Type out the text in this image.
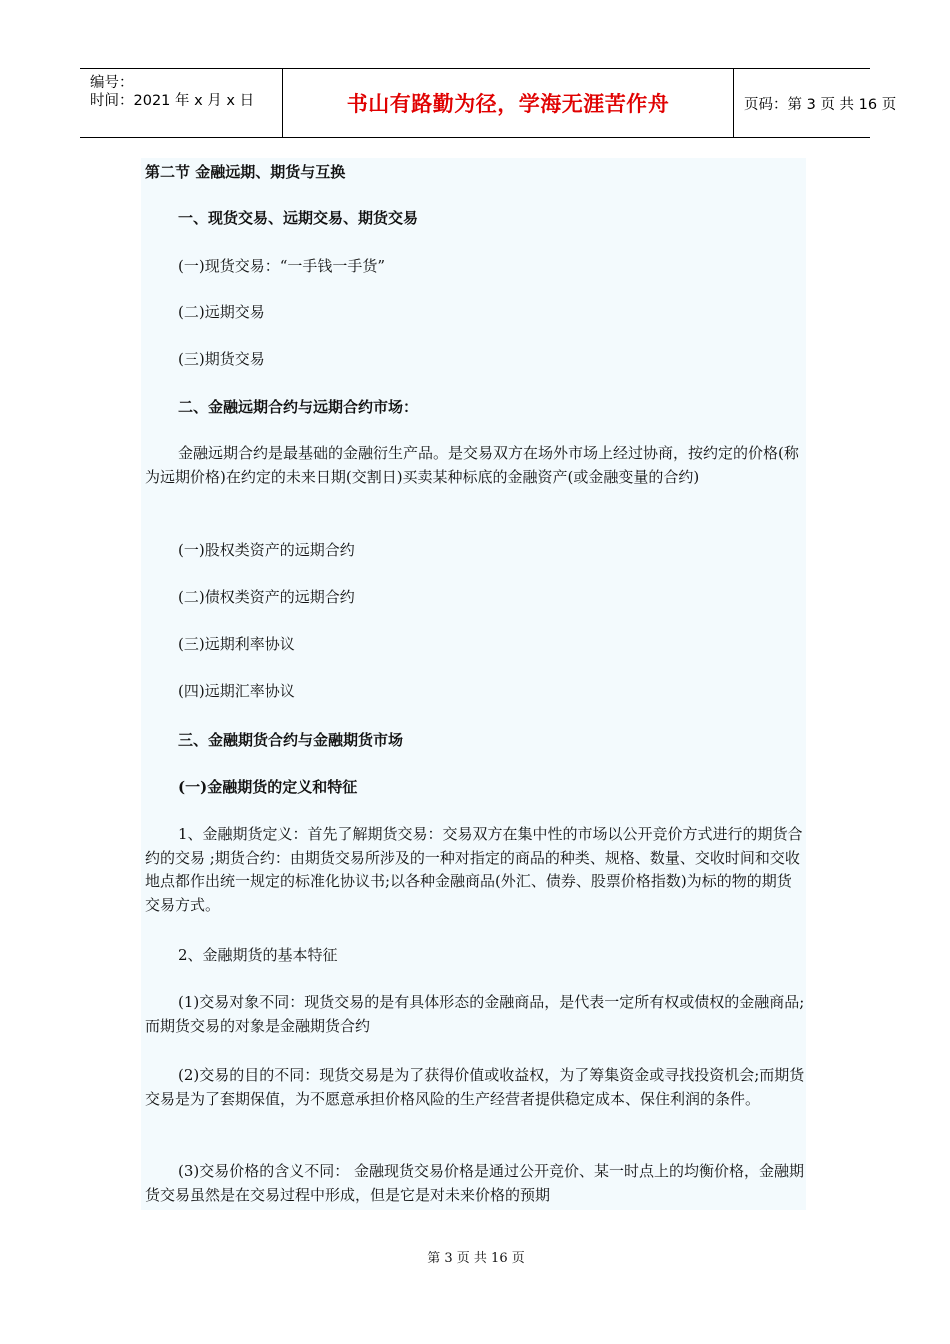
编号：
时间：2021 年 x 月 x 日	书山有路勤为径，学海无涯苦作舟	页码：第 3 页 共 16 页
第二节 金融远期、期货与互换
一、现货交易、远期交易、期货交易
(一)现货交易：“一手钱一手货”
(二)远期交易
(三)期货交易
二、金融远期合约与远期合约市场：
金融远期合约是最基础的金融衍生产品。是交易双方在场外市场上经过协商，按约定的价格(称为远期价格)在约定的未来日期(交割日)买卖某种标底的金融资产(或金融变量的合约)
(一)股权类资产的远期合约
(二)债权类资产的远期合约
(三)远期利率协议
(四)远期汇率协议
三、金融期货合约与金融期货市场
(一)金融期货的定义和特征
1、金融期货定义：首先了解期货交易：交易双方在集中性的市场以公开竞价方式进行的期货合约的交易 ;期货合约：由期货交易所涉及的一种对指定的商品的种类、规格、数量、交收时间和交收地点都作出统一规定的标准化协议书;以各种金融商品(外汇、债券、股票价格指数)为标的物的期货交易方式。
2、金融期货的基本特征
(1)交易对象不同：现货交易的是有具体形态的金融商品，是代表一定所有权或债权的金融商品;而期货交易的对象是金融期货合约
(2)交易的目的不同：现货交易是为了获得价值或收益权，为了筹集资金或寻找投资机会;而期货交易是为了套期保值，为不愿意承担价格风险的生产经营者提供稳定成本、保住利润的条件。
(3)交易价格的含义不同： 金融现货交易价格是通过公开竞价、某一时点上的均衡价格，金融期货交易虽然是在交易过程中形成，但是它是对未来价格的预期
第 3 页 共 16 页
